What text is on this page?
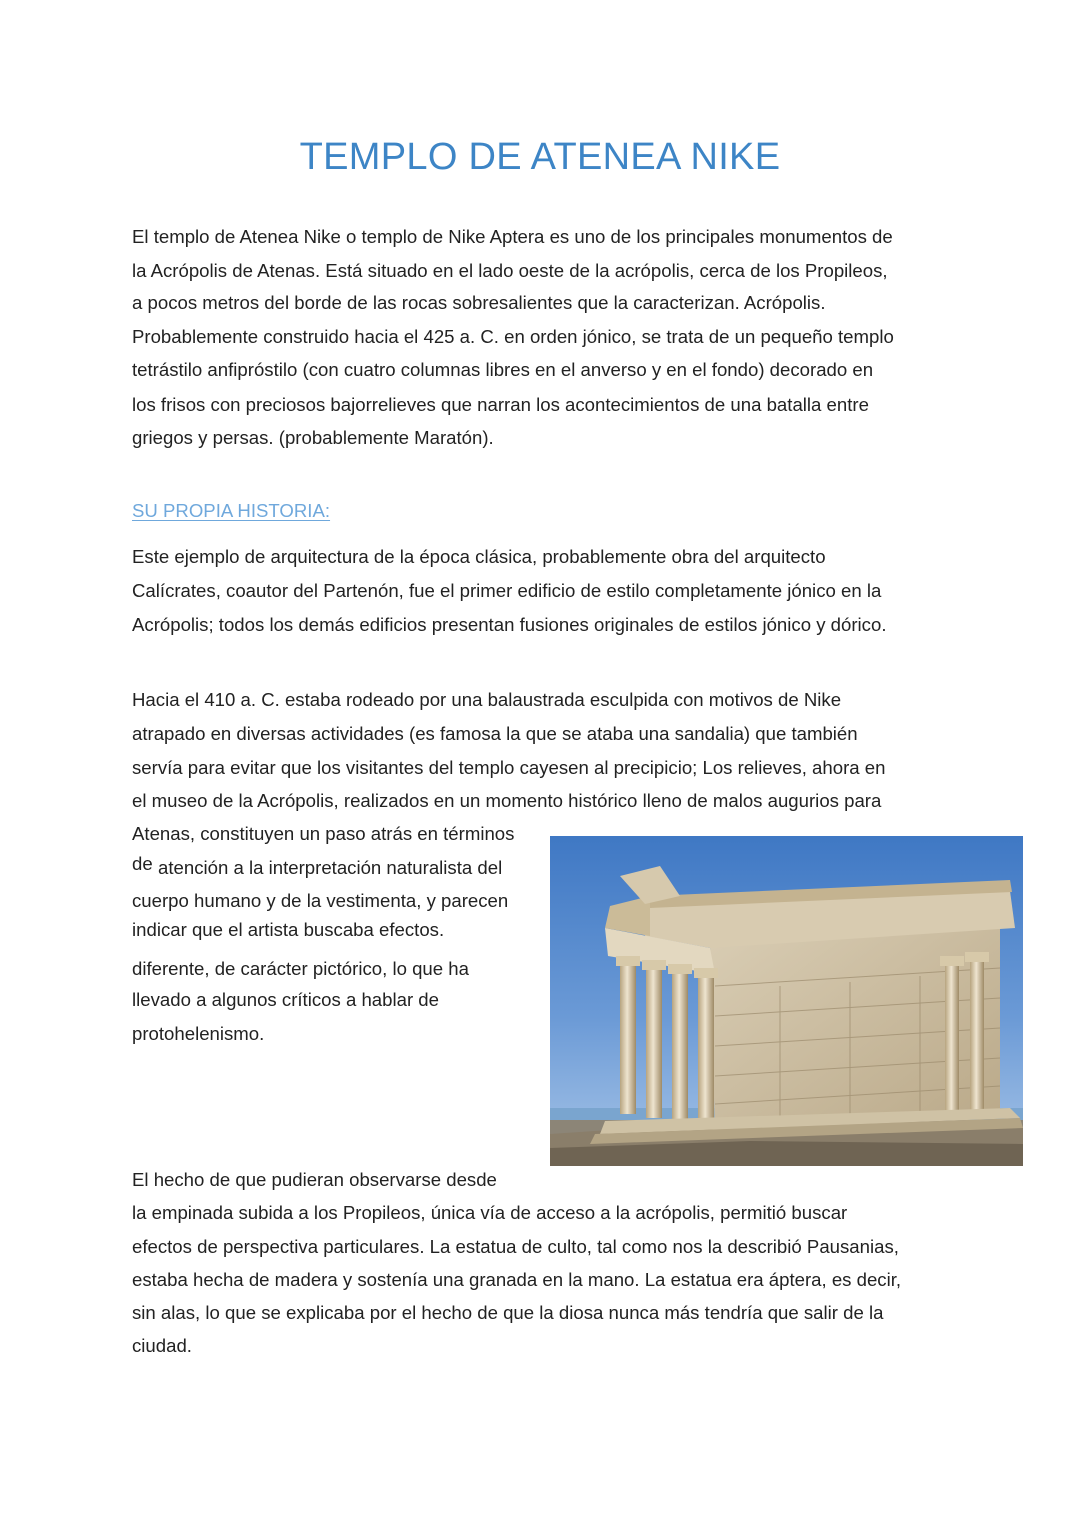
TEMPLO DE ATENEA NIKE
El templo de Atenea Nike o templo de Nike Aptera es uno de los principales monumentos de
la Acrópolis de Atenas. Está situado en el lado oeste de la acrópolis, cerca de los Propileos,
a pocos metros del borde de las rocas sobresalientes que la caracterizan. Acrópolis.
Probablemente construido hacia el 425 a. C. en orden jónico, se trata de un pequeño templo
tetrástilo anfipróstilo (con cuatro columnas libres en el anverso y en el fondo) decorado en
los frisos con preciosos bajorrelieves que narran los acontecimientos de una batalla entre
griegos y persas. (probablemente Maratón).
SU PROPIA HISTORIA:
Este ejemplo de arquitectura de la época clásica, probablemente obra del arquitecto
Calícrates, coautor del Partenón, fue el primer edificio de estilo completamente jónico en la
Acrópolis; todos los demás edificios presentan fusiones originales de estilos jónico y dórico.
Hacia el 410 a. C. estaba rodeado por una balaustrada esculpida con motivos de Nike
atrapado en diversas actividades (es famosa la que se ataba una sandalia) que también
servía para evitar que los visitantes del templo cayesen al precipicio; Los relieves, ahora en
el museo de la Acrópolis, realizados en un momento histórico lleno de malos augurios para
Atenas, constituyen un paso atrás en términos
de atención a la interpretación naturalista del
cuerpo humano y de la vestimenta, y parecen
indicar que el artista buscaba efectos.
diferente, de carácter pictórico, lo que ha
llevado a algunos críticos a hablar de
protohelenismo.
El hecho de que pudieran observarse desde
la empinada subida a los Propileos, única vía de acceso a la acrópolis, permitió buscar
efectos de perspectiva particulares. La estatua de culto, tal como nos la describió Pausanias,
estaba hecha de madera y sostenía una granada en la mano. La estatua era áptera, es decir,
sin alas, lo que se explicaba por el hecho de que la diosa nunca más tendría que salir de la
ciudad.
